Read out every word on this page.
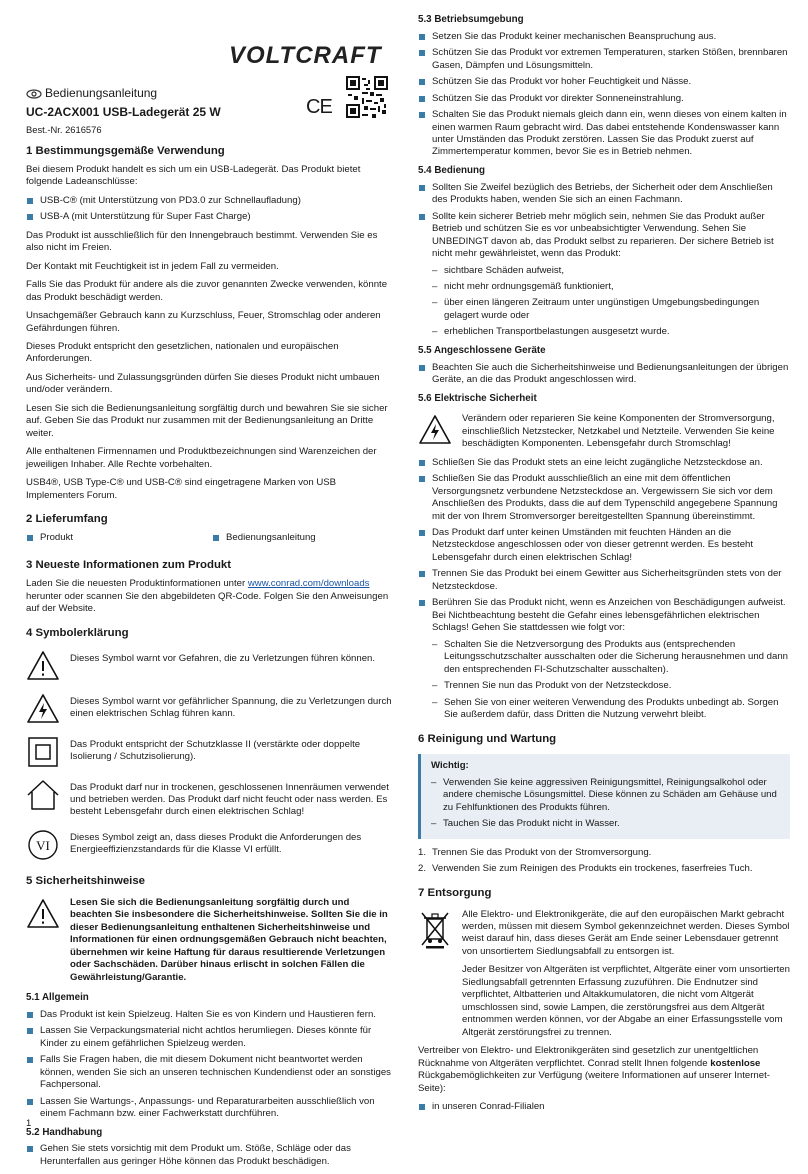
VOLTCRAFT
Bedienungsanleitung
UC-2ACX001 USB-Ladegerät 25 W
Best.-Nr. 2616576
CE
1 Bestimmungsgemäße Verwendung

Bei diesem Produkt handelt es sich um ein USB-Ladegerät. Das Produkt bietet folgende Ladeanschlüsse:

USB-C® (mit Unterstützung von PD3.0 zur Schnellaufladung)
USB-A (mit Unterstützung für Super Fast Charge)

Das Produkt ist ausschließlich für den Innengebrauch bestimmt. Verwenden Sie es also nicht im Freien.

Der Kontakt mit Feuchtigkeit ist in jedem Fall zu vermeiden.

Falls Sie das Produkt für andere als die zuvor genannten Zwecke verwenden, könnte das Produkt beschädigt werden.

Unsachgemäßer Gebrauch kann zu Kurzschluss, Feuer, Stromschlag oder anderen Gefährdungen führen.

Dieses Produkt entspricht den gesetzlichen, nationalen und europäischen Anforderungen.

Aus Sicherheits- und Zulassungsgründen dürfen Sie dieses Produkt nicht umbauen und/oder verändern.

Lesen Sie sich die Bedienungsanleitung sorgfältig durch und bewahren Sie sie sicher auf. Geben Sie das Produkt nur zusammen mit der Bedienungsanleitung an Dritte weiter.

Alle enthaltenen Firmennamen und Produktbezeichnungen sind Warenzeichen der jeweiligen Inhaber. Alle Rechte vorbehalten.

USB4®, USB Type-C® und USB-C® sind eingetragene Marken von USB Implementers Forum.

2 Lieferumfang
Produkt	Bedienungsanleitung
3 Neueste Informationen zum Produkt

Laden Sie die neuesten Produktinformationen unter www.conrad.com/downloads herunter oder scannen Sie den abgebildeten QR-Code. Folgen Sie den Anweisungen auf der Website.

4 Symbolerklärung
Dieses Symbol warnt vor Gefahren, die zu Verletzungen führen können.
Dieses Symbol warnt vor gefährlicher Spannung, die zu Verletzungen durch einen elektrischen Schlag führen kann.
Das Produkt entspricht der Schutzklasse II (verstärkte oder doppelte Isolierung / Schutzisolierung).
Das Produkt darf nur in trockenen, geschlossenen Innenräumen verwendet und betrieben werden. Das Produkt darf nicht feucht oder nass werden. Es besteht Lebensgefahr durch einen elektrischen Schlag!
VI
Dieses Symbol zeigt an, dass dieses Produkt die Anforderungen des Energieeffizienzstandards für die Klasse VI erfüllt.
5 Sicherheitshinweise
Lesen Sie sich die Bedienungsanleitung sorgfältig durch und beachten Sie insbesondere die Sicherheitshinweise. Sollten Sie die in dieser Bedienungsanleitung enthaltenen Sicherheitshinweise und Informationen für einen ordnungsgemäßen Gebrauch nicht beachten, übernehmen wir keine Haftung für daraus resultierende Verletzungen oder Sachschäden. Darüber hinaus erlischt in solchen Fällen die Gewährleistung/Garantie.
5.1 Allgemein
Das Produkt ist kein Spielzeug. Halten Sie es von Kindern und Haustieren fern.
Lassen Sie Verpackungsmaterial nicht achtlos herumliegen. Dieses könnte für Kinder zu einem gefährlichen Spielzeug werden.
Falls Sie Fragen haben, die mit diesem Dokument nicht beantwortet werden können, wenden Sie sich an unseren technischen Kundendienst oder an sonstiges Fachpersonal.
Lassen Sie Wartungs-, Anpassungs- und Reparaturarbeiten ausschließlich von einem Fachmann bzw. einer Fachwerkstatt durchführen.
5.2 Handhabung
Gehen Sie stets vorsichtig mit dem Produkt um. Stöße, Schläge oder das Herunterfallen aus geringer Höhe können das Produkt beschädigen.
1
5.3 Betriebsumgebung
Setzen Sie das Produkt keiner mechanischen Beanspruchung aus.
Schützen Sie das Produkt vor extremen Temperaturen, starken Stößen, brennbaren Gasen, Dämpfen und Lösungsmitteln.
Schützen Sie das Produkt vor hoher Feuchtigkeit und Nässe.
Schützen Sie das Produkt vor direkter Sonneneinstrahlung.
Schalten Sie das Produkt niemals gleich dann ein, wenn dieses von einem kalten in einen warmen Raum gebracht wird. Das dabei entstehende Kondenswasser kann unter Umständen das Produkt zerstören. Lassen Sie das Produkt zuerst auf Zimmertemperatur kommen, bevor Sie es in Betrieb nehmen.
5.4 Bedienung
Sollten Sie Zweifel bezüglich des Betriebs, der Sicherheit oder dem Anschließen des Produkts haben, wenden Sie sich an einen Fachmann.
Sollte kein sicherer Betrieb mehr möglich sein, nehmen Sie das Produkt außer Betrieb und schützen Sie es vor unbeabsichtigter Verwendung. Sehen Sie UNBEDINGT davon ab, das Produkt selbst zu reparieren. Der sichere Betrieb ist nicht mehr gewährleistet, wenn das Produkt:
– sichtbare Schäden aufweist,
– nicht mehr ordnungsgemäß funktioniert,
– über einen längeren Zeitraum unter ungünstigen Umgebungsbedingungen gelagert wurde oder
– erheblichen Transportbelastungen ausgesetzt wurde.
5.5 Angeschlossene Geräte
Beachten Sie auch die Sicherheitshinweise und Bedienungsanleitungen der übrigen Geräte, an die das Produkt angeschlossen wird.
5.6 Elektrische Sicherheit
Verändern oder reparieren Sie keine Komponenten der Stromversorgung, einschließlich Netzstecker, Netzkabel und Netzteile. Verwenden Sie keine beschädigten Komponenten. Lebensgefahr durch Stromschlag!
Schließen Sie das Produkt stets an eine leicht zugängliche Netzsteckdose an.
Schließen Sie das Produkt ausschließlich an eine mit dem öffentlichen Versorgungsnetz verbundene Netzsteckdose an. Vergewissern Sie sich vor dem Anschließen des Produkts, dass die auf dem Typenschild angegebene Spannung mit der von Ihrem Stromversorger bereitgestellten Spannung übereinstimmt.
Das Produkt darf unter keinen Umständen mit feuchten Händen an die Netzsteckdose angeschlossen oder von dieser getrennt werden. Es besteht Lebensgefahr durch einen elektrischen Schlag!
Trennen Sie das Produkt bei einem Gewitter aus Sicherheitsgründen stets von der Netzsteckdose.
Berühren Sie das Produkt nicht, wenn es Anzeichen von Beschädigungen aufweist. Bei Nichtbeachtung besteht die Gefahr eines lebensgefährlichen elektrischen Schlags! Gehen Sie stattdessen wie folgt vor:
– Schalten Sie die Netzversorgung des Produkts aus (entsprechenden Leitungsschutzschalter ausschalten oder die Sicherung herausnehmen und dann den entsprechenden FI-Schutzschalter ausschalten).
– Trennen Sie nun das Produkt von der Netzsteckdose.
– Sehen Sie von einer weiteren Verwendung des Produkts unbedingt ab. Sorgen Sie außerdem dafür, dass Dritten die Nutzung verwehrt bleibt.
6 Reinigung und Wartung
Wichtig:
– Verwenden Sie keine aggressiven Reinigungsmittel, Reinigungsalkohol oder andere chemische Lösungsmittel. Diese können zu Schäden am Gehäuse und zu Fehlfunktionen des Produkts führen.
– Tauchen Sie das Produkt nicht in Wasser.
1. Trennen Sie das Produkt von der Stromversorgung.
2. Verwenden Sie zum Reinigen des Produkts ein trockenes, faserfreies Tuch.
7 Entsorgung

Alle Elektro- und Elektronikgeräte, die auf den europäischen Markt gebracht werden, müssen mit diesem Symbol gekennzeichnet werden. Dieses Symbol weist darauf hin, dass dieses Gerät am Ende seiner Lebensdauer getrennt von unsortiertem Siedlungsabfall zu entsorgen ist.

Jeder Besitzer von Altgeräten ist verpflichtet, Altgeräte einer vom unsortierten Siedlungsabfall getrennten Erfassung zuzuführen. Die Endnutzer sind verpflichtet, Altbatterien und Altakkumulatoren, die nicht vom Altgerät umschlossen sind, sowie Lampen, die zerstörungsfrei aus dem Altgerät entnommen werden können, vor der Abgabe an einer Erfassungsstelle vom Altgerät zerstörungsfrei zu trennen.

Vertreiber von Elektro- und Elektronikgeräten sind gesetzlich zur unentgeltlichen Rücknahme von Altgeräten verpflichtet. Conrad stellt Ihnen folgende kostenlose Rückgabemöglichkeiten zur Verfügung (weitere Informationen auf unserer Internet-Seite):

in unseren Conrad-Filialen
